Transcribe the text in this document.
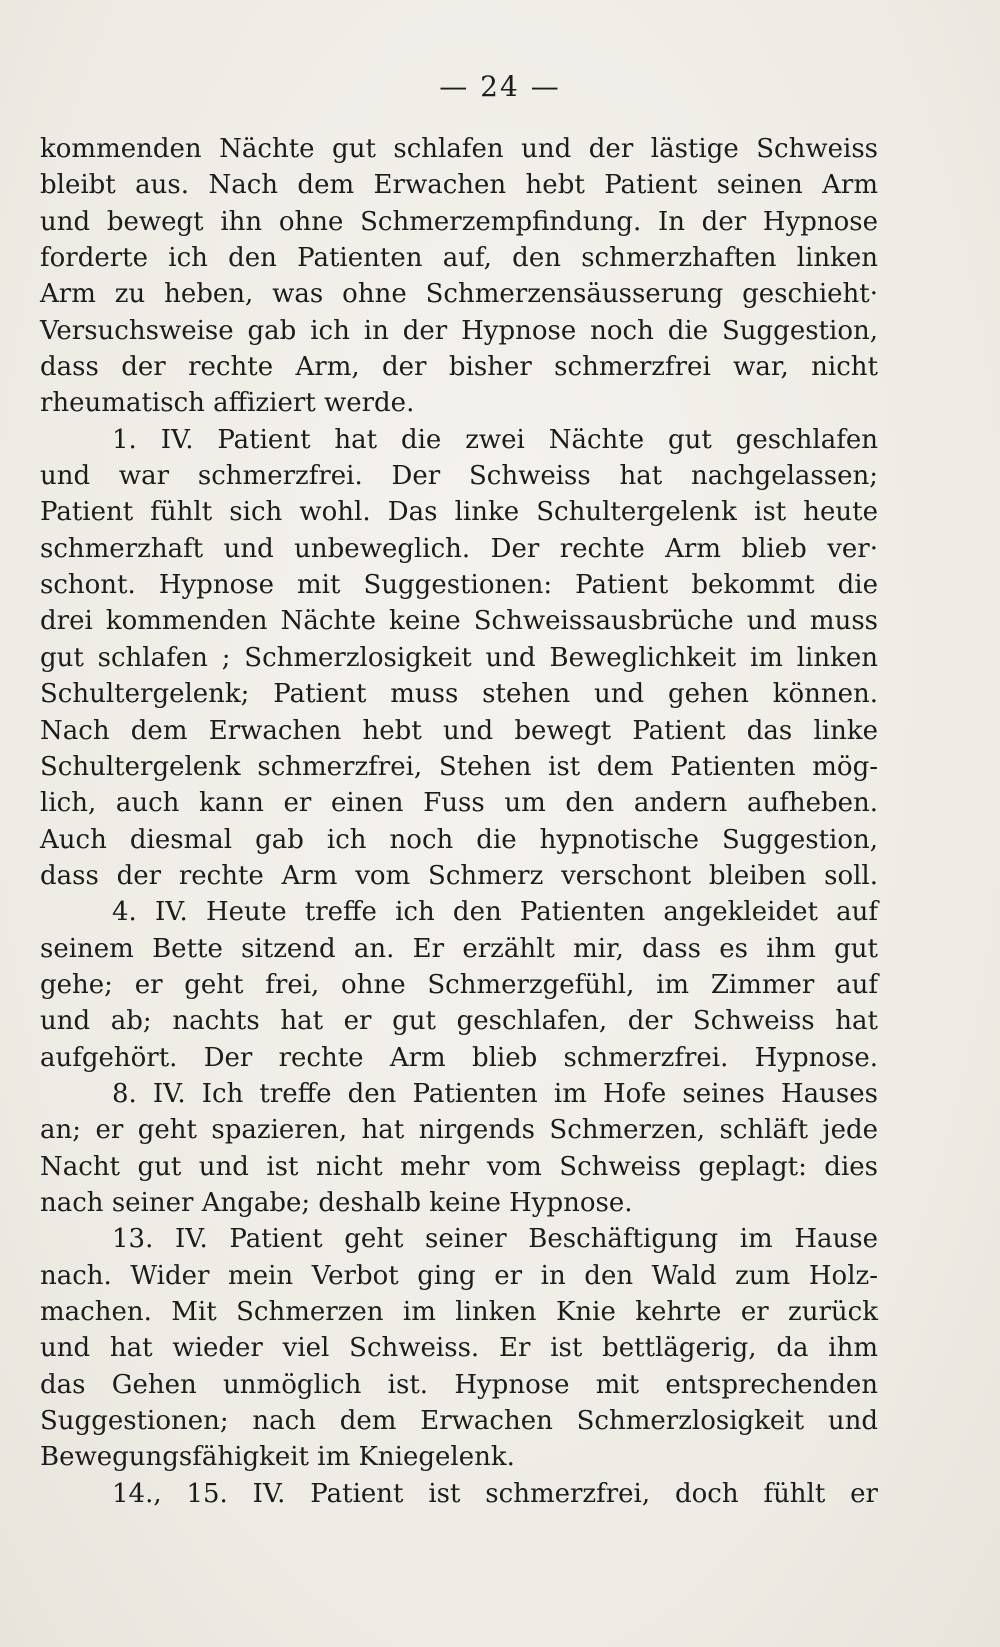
— 24 —
kommenden Nächte gut schlafen und der lästige Schweiss
bleibt aus. Nach dem Erwachen hebt Patient seinen Arm
und bewegt ihn ohne Schmerzempfindung. In der Hypnose
forderte ich den Patienten auf, den schmerzhaften linken
Arm zu heben, was ohne Schmerzensäusserung geschieht·
Versuchsweise gab ich in der Hypnose noch die Suggestion,
dass der rechte Arm, der bisher schmerzfrei war, nicht
rheumatisch affiziert werde.
1. IV. Patient hat die zwei Nächte gut geschlafen
und war schmerzfrei. Der Schweiss hat nachgelassen;
Patient fühlt sich wohl. Das linke Schultergelenk ist heute
schmerzhaft und unbeweglich. Der rechte Arm blieb ver·
schont. Hypnose mit Suggestionen: Patient bekommt die
drei kommenden Nächte keine Schweissausbrüche und muss
gut schlafen ; Schmerzlosigkeit und Beweglichkeit im linken
Schultergelenk; Patient muss stehen und gehen können.
Nach dem Erwachen hebt und bewegt Patient das linke
Schultergelenk schmerzfrei, Stehen ist dem Patienten mög-
lich, auch kann er einen Fuss um den andern aufheben.
Auch diesmal gab ich noch die hypnotische Suggestion,
dass der rechte Arm vom Schmerz verschont bleiben soll.
4. IV. Heute treffe ich den Patienten angekleidet auf
seinem Bette sitzend an. Er erzählt mir, dass es ihm gut
gehe; er geht frei, ohne Schmerzgefühl, im Zimmer auf
und ab; nachts hat er gut geschlafen, der Schweiss hat
aufgehört. Der rechte Arm blieb schmerzfrei. Hypnose.
8. IV. Ich treffe den Patienten im Hofe seines Hauses
an; er geht spazieren, hat nirgends Schmerzen, schläft jede
Nacht gut und ist nicht mehr vom Schweiss geplagt: dies
nach seiner Angabe; deshalb keine Hypnose.
13. IV. Patient geht seiner Beschäftigung im Hause
nach. Wider mein Verbot ging er in den Wald zum Holz-
machen. Mit Schmerzen im linken Knie kehrte er zurück
und hat wieder viel Schweiss. Er ist bettlägerig, da ihm
das Gehen unmöglich ist. Hypnose mit entsprechenden
Suggestionen; nach dem Erwachen Schmerzlosigkeit und
Bewegungsfähigkeit im Kniegelenk.
14., 15. IV. Patient ist schmerzfrei, doch fühlt er
